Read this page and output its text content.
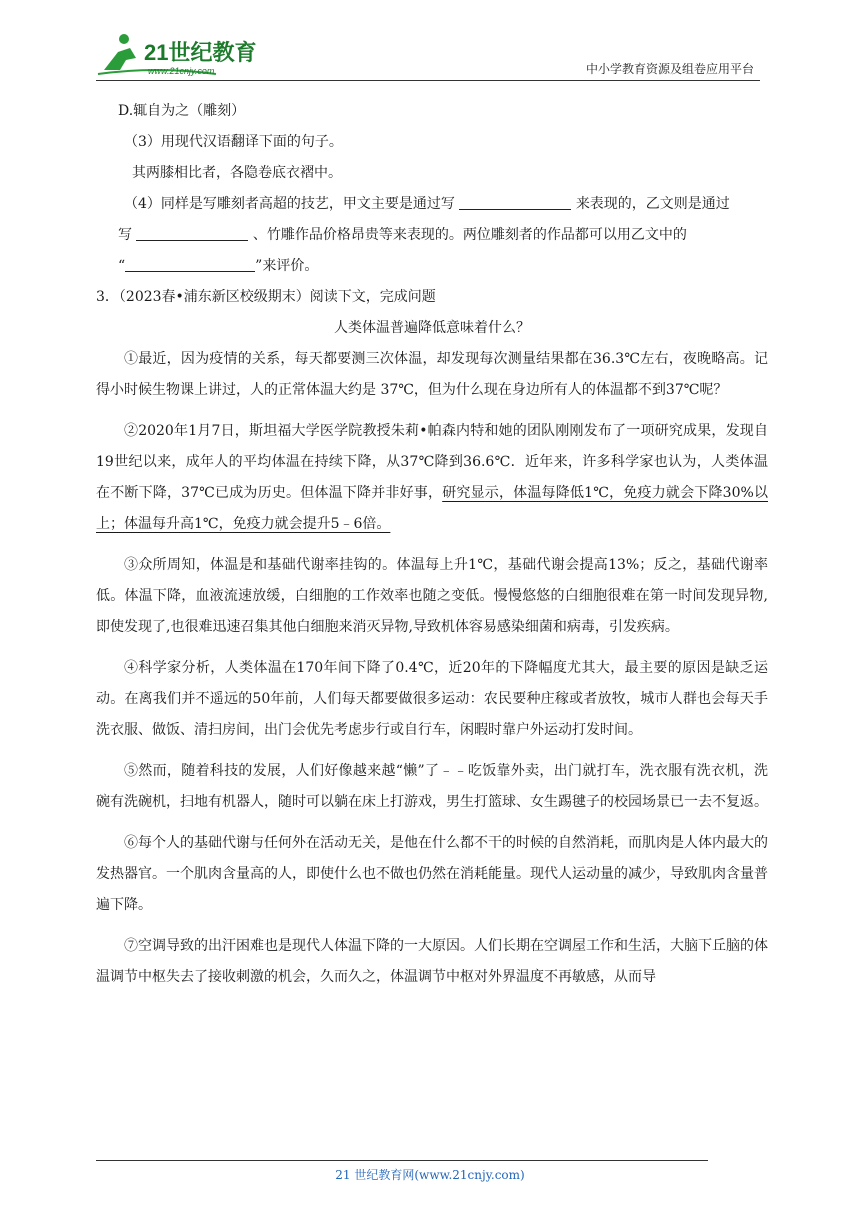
21世纪教育
www.21cnjy.com	中小学教育资源及组卷应用平台
D.辄自为之（雕刻）
（3）用现代汉语翻译下面的句子。
其两膝相比者，各隐卷底衣褶中。
（4）同样是写雕刻者高超的技艺，甲文主要是通过写	来表现的，乙文则是通过
写	、竹雕作品价格昂贵等来表现的。两位雕刻者的作品都可以用乙文中的
“	”来评价。
3．（2023春•浦东新区校级期末）阅读下文，完成问题
人类体温普遍降低意味着什么？

①最近，因为疫情的关系，每天都要测三次体温，却发现每次测量结果都在36.3℃左右，夜晚略高。记得小时候生物课上讲过，人的正常体温大约是 37℃，但为什么现在身边所有人的体温都不到37℃呢？

②2020年1月7日，斯坦福大学医学院教授朱莉•帕森内特和她的团队刚刚发布了一项研究成果，发现自19世纪以来，成年人的平均体温在持续下降，从37℃降到36.6℃．近年来，许多科学家也认为，人类体温在不断下降，37℃已成为历史。但体温下降并非好事，研究显示，体温每降低1℃，免疫力就会下降30%以上；体温每升高1℃，免疫力就会提升5﹣6倍。

③众所周知，体温是和基础代谢率挂钩的。体温每上升1℃，基础代谢会提高13%；反之，基础代谢率低。体温下降，血液流速放缓，白细胞的工作效率也随之变低。慢慢悠悠的白细胞很难在第一时间发现异物,即使发现了,也很难迅速召集其他白细胞来消灭异物,导致机体容易感染细菌和病毒，引发疾病。

④科学家分析，人类体温在170年间下降了0.4℃，近20年的下降幅度尤其大，最主要的原因是缺乏运动。在离我们并不遥远的50年前，人们每天都要做很多运动：农民要种庄稼或者放牧，城市人群也会每天手洗衣服、做饭、清扫房间，出门会优先考虑步行或自行车，闲暇时靠户外运动打发时间。

⑤然而，随着科技的发展，人们好像越来越“懒”了﹣﹣吃饭靠外卖，出门就打车，洗衣服有洗衣机，洗碗有洗碗机，扫地有机器人，随时可以躺在床上打游戏，男生打篮球、女生踢毽子的校园场景已一去不复返。

⑥每个人的基础代谢与任何外在活动无关，是他在什么都不干的时候的自然消耗，而肌肉是人体内最大的发热器官。一个肌肉含量高的人，即使什么也不做也仍然在消耗能量。现代人运动量的减少，导致肌肉含量普遍下降。

⑦空调导致的出汗困难也是现代人体温下降的一大原因。人们长期在空调屋工作和生活，大脑下丘脑的体温调节中枢失去了接收刺激的机会，久而久之，体温调节中枢对外界温度不再敏感，从而导

21 世纪教育网(www.21cnjy.com)
